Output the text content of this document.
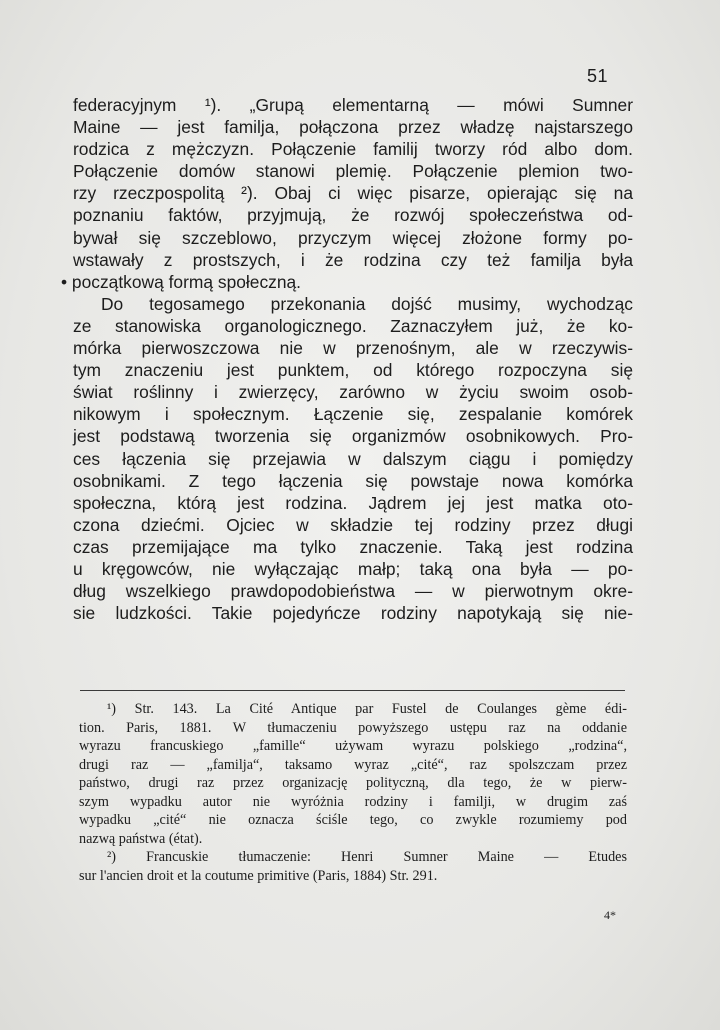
51
federacyjnym ¹). „Grupą elementarną — mówi Sumner
Maine — jest familja, połączona przez władzę najstarszego
rodzica z mężczyzn. Połączenie familij tworzy ród albo dom.
Połączenie domów stanowi plemię. Połączenie plemion two-
rzy rzeczpospolitą ²). Obaj ci więc pisarze, opierając się na
poznaniu faktów, przyjmują, że rozwój społeczeństwa od-
bywał się szczeblowo, przyczym więcej złożone formy po-
wstawały z prostszych, i że rodzina czy też familja była
• początkową formą społeczną.
Do tegosamego przekonania dojść musimy, wychodząc
ze stanowiska organologicznego. Zaznaczyłem już, że ko-
mórka pierwoszczowa nie w przenośnym, ale w rzeczywis-
tym znaczeniu jest punktem, od którego rozpoczyna się
świat roślinny i zwierzęcy, zarówno w życiu swoim osob-
nikowym i społecznym. Łączenie się, zespalanie komórek
jest podstawą tworzenia się organizmów osobnikowych. Pro-
ces łączenia się przejawia w dalszym ciągu i pomiędzy
osobnikami. Z tego łączenia się powstaje nowa komórka
społeczna, którą jest rodzina. Jądrem jej jest matka oto-
czona dziećmi. Ojciec w składzie tej rodziny przez długi
czas przemijające ma tylko znaczenie. Taką jest rodzina
u kręgowców, nie wyłączając małp; taką ona była — po-
dług wszelkiego prawdopodobieństwa — w pierwotnym okre-
sie ludzkości. Takie pojedyńcze rodziny napotykają się nie-
¹) Str. 143. La Cité Antique par Fustel de Coulanges gème édi-
tion. Paris, 1881. W tłumaczeniu powyższego ustępu raz na oddanie
wyrazu francuskiego „famille“ używam wyrazu polskiego „rodzina“,
drugi raz — „familja“, taksamo wyraz „cité“, raz spolszczam przez
państwo, drugi raz przez organizację polityczną, dla tego, że w pierw-
szym wypadku autor nie wyróżnia rodziny i familji, w drugim zaś
wypadku „cité“ nie oznacza ściśle tego, co zwykle rozumiemy pod
nazwą państwa (état).
²) Francuskie tłumaczenie: Henri Sumner Maine — Etudes
sur l'ancien droit et la coutume primitive (Paris, 1884) Str. 291.
4*
